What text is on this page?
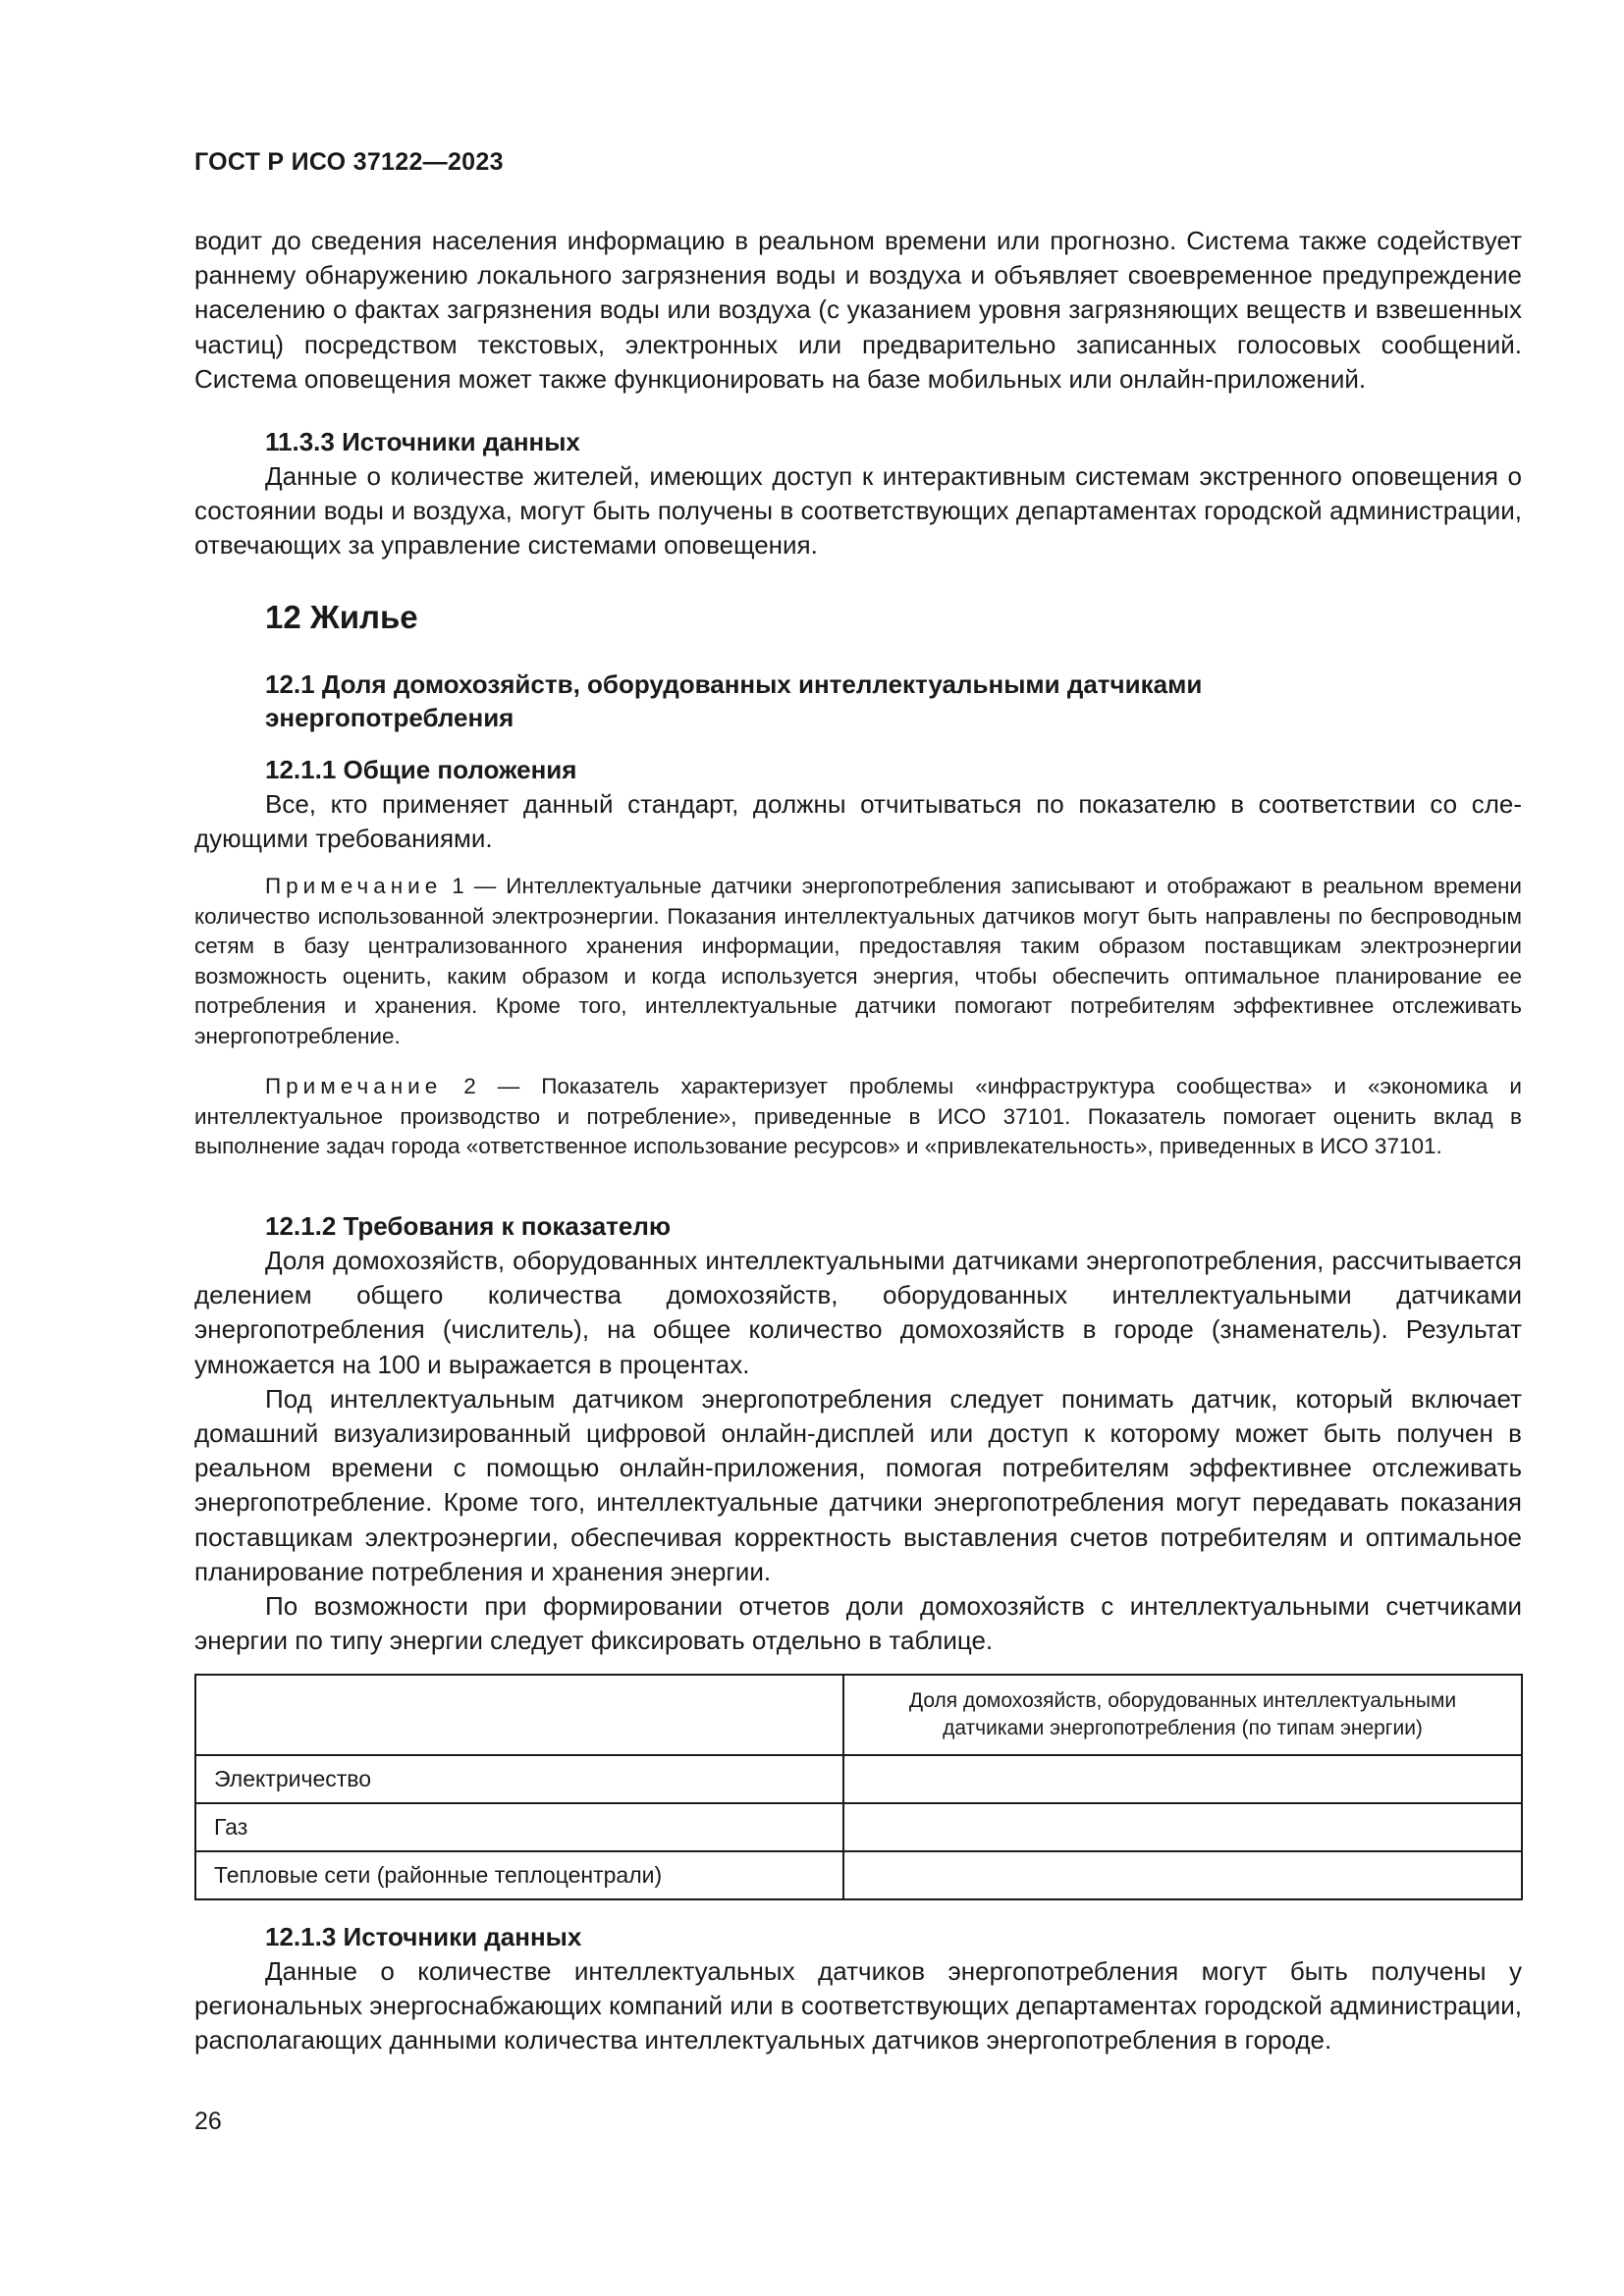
ГОСТ Р ИСО 37122—2023

водит до сведения населения информацию в реальном времени или прогнозно. Система также содействует раннему обнаружению локального загрязнения воды и воздуха и объявляет своевременное предупреждение населению о фактах загрязнения воды или воздуха (с указанием уровня загрязняющих веществ и взвешенных частиц) посредством текстовых, электронных или предварительно записанных голосовых сообщений. Система оповещения может также функционировать на базе мобильных или онлайн-приложений.

11.3.3 Источники данных

Данные о количестве жителей, имеющих доступ к интерактивным системам экстренного оповещения о состоянии воды и воздуха, могут быть получены в соответствующих департаментах городской администрации, отвечающих за управление системами оповещения.

12 Жилье

12.1 Доля домохозяйств, оборудованных интеллектуальными датчиками

энергопотребления

12.1.1 Общие положения

Все, кто применяет данный стандарт, должны отчитываться по показателю в соответствии со следующими требованиями.

Примечание 1 — Интеллектуальные датчики энергопотребления записывают и отображают в реальном времени количество использованной электроэнергии. Показания интеллектуальных датчиков могут быть направлены по беспроводным сетям в базу централизованного хранения информации, предоставляя таким образом поставщикам электроэнергии возможность оценить, каким образом и когда используется энергия, чтобы обеспечить оптимальное планирование ее потребления и хранения. Кроме того, интеллектуальные датчики помогают потребителям эффективнее отслеживать энергопотребление.

Примечание 2 — Показатель характеризует проблемы «инфраструктура сообщества» и «экономика и интеллектуальное производство и потребление», приведенные в ИСО 37101. Показатель помогает оценить вклад в выполнение задач города «ответственное использование ресурсов» и «привлекательность», приведенных в ИСО 37101.

12.1.2 Требования к показателю

Доля домохозяйств, оборудованных интеллектуальными датчиками энергопотребления, рассчитывается делением общего количества домохозяйств, оборудованных интеллектуальными датчиками энергопотребления (числитель), на общее количество домохозяйств в городе (знаменатель). Результат умножается на 100 и выражается в процентах.

Под интеллектуальным датчиком энергопотребления следует понимать датчик, который включает домашний визуализированный цифровой онлайн-дисплей или доступ к которому может быть получен в реальном времени с помощью онлайн-приложения, помогая потребителям эффективнее отслеживать энергопотребление. Кроме того, интеллектуальные датчики энергопотребления могут передавать показания поставщикам электроэнергии, обеспечивая корректность выставления счетов потребителям и оптимальное планирование потребления и хранения энергии.

По возможности при формировании отчетов доли домохозяйств с интеллектуальными счетчиками энергии по типу энергии следует фиксировать отдельно в таблице.

	Доля домохозяйств, оборудованных интеллектуальными датчиками энергопотребления (по типам энергии)
Электричество	
Газ	
Тепловые сети (районные теплоцентрали)	

12.1.3 Источники данных

Данные о количестве интеллектуальных датчиков энергопотребления могут быть получены у региональных энергоснабжающих компаний или в соответствующих департаментах городской администрации, располагающих данными количества интеллектуальных датчиков энергопотребления в городе.

26
